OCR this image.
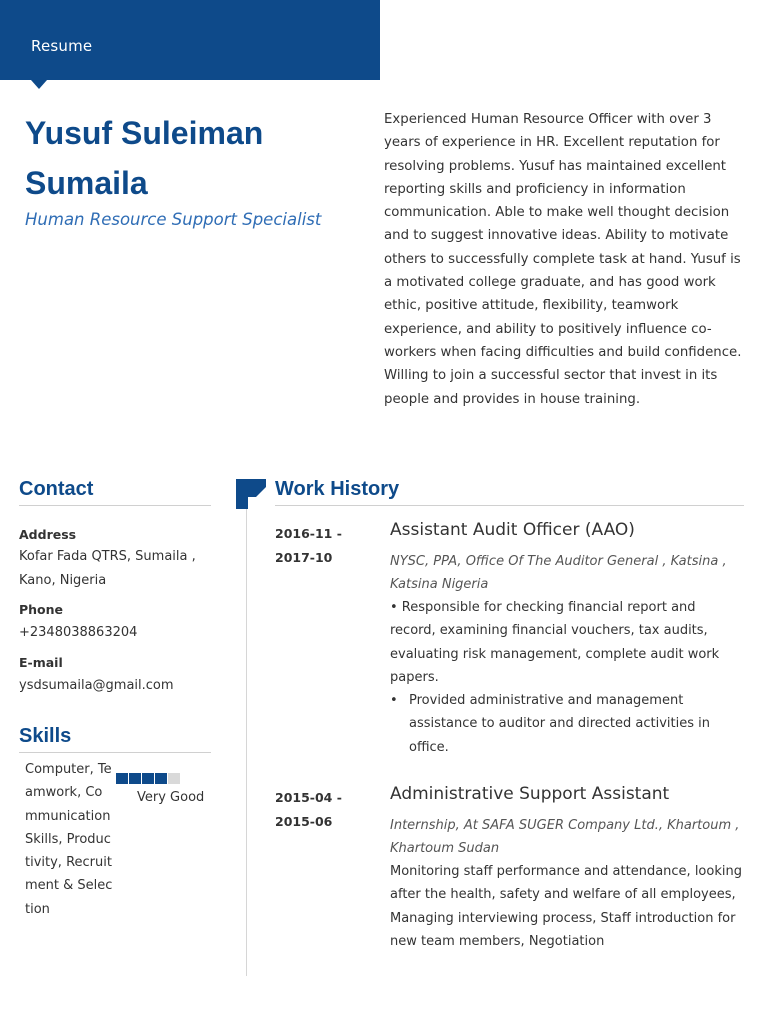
Resume
Yusuf Suleiman Sumaila
Human Resource Support Specialist

Experienced Human Resource Officer with over 3 years of experience in HR. Excellent reputation for resolving problems. Yusuf has maintained excellent reporting skills and proficiency in information communication. Able to make well thought decision and to suggest innovative ideas. Ability to motivate others to successfully complete task at hand. Yusuf is a motivated college graduate, and has good work ethic, positive attitude, flexibility, teamwork experience, and ability to positively influence co-workers when facing difficulties and build confidence. Willing to join a successful sector that invest in its people and provides in house training.

Contact
Address
Kofar Fada QTRS, Sumaila , Kano, Nigeria
Phone
+2348038863204
E-mail
ysdsumaila@gmail.com
Skills
Computer, Teamwork, Communication Skills, Productivity, Recruitment & Selection
Very Good
Work History
2016-11 - 2017-10
Assistant Audit Officer (AAO)
NYSC, PPA, Office Of The Auditor General , Katsina , Katsina Nigeria
• Responsible for checking financial report and record, examining financial vouchers, tax audits, evaluating risk management, complete audit work papers.
• Provided administrative and management assistance to auditor and directed activities in office.
2015-04 - 2015-06
Administrative Support Assistant
Internship, At SAFA SUGER Company Ltd., Khartoum , Khartoum Sudan
Monitoring staff performance and attendance, looking after the health, safety and welfare of all employees, Managing interviewing process, Staff introduction for new team members, Negotiation
